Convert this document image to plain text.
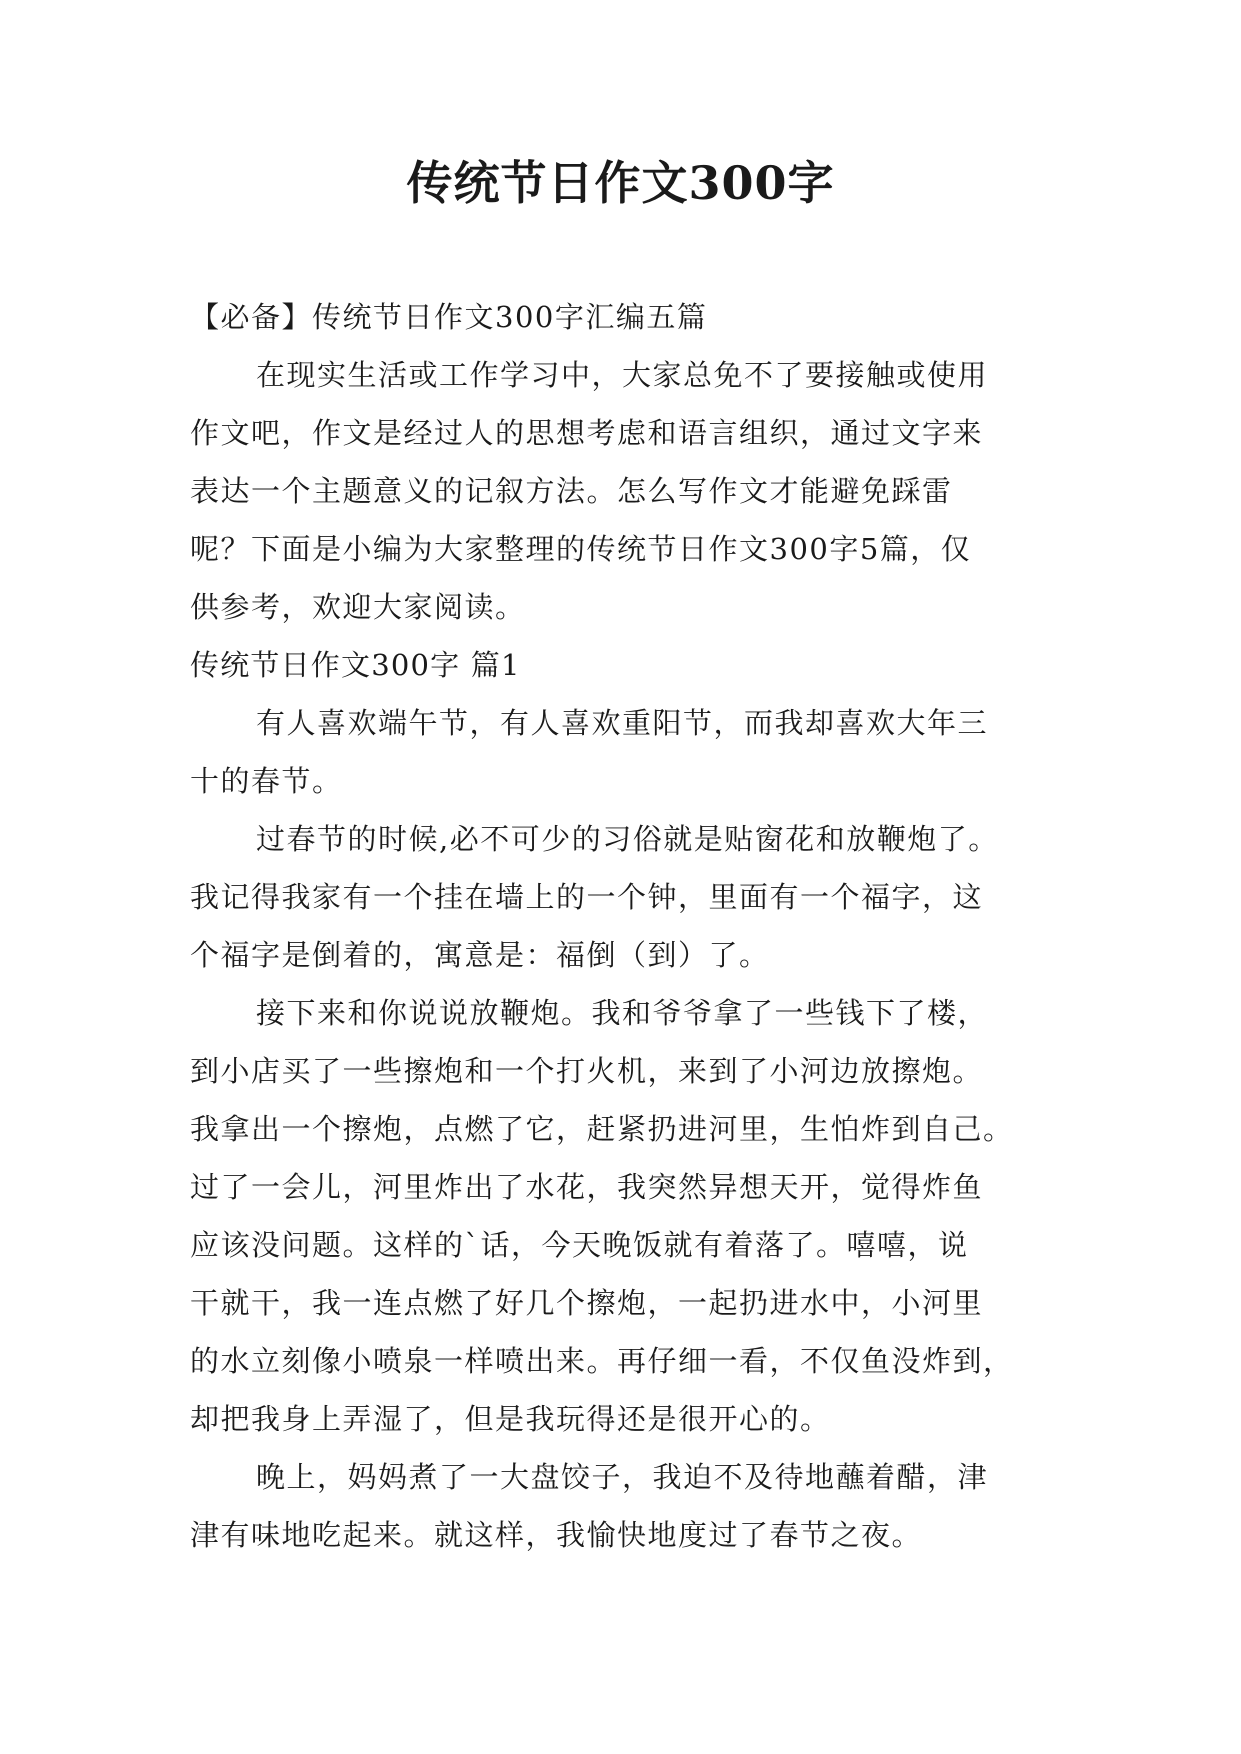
传统节日作文300字
【必备】传统节日作文300字汇编五篇
在现实生活或工作学习中，大家总免不了要接触或使用
作文吧，作文是经过人的思想考虑和语言组织，通过文字来
表达一个主题意义的记叙方法。怎么写作文才能避免踩雷
呢？下面是小编为大家整理的传统节日作文300字5篇，仅
供参考，欢迎大家阅读。
传统节日作文300字 篇1
有人喜欢端午节，有人喜欢重阳节，而我却喜欢大年三
十的春节。
过春节的时候,必不可少的习俗就是贴窗花和放鞭炮了。
我记得我家有一个挂在墙上的一个钟，里面有一个福字，这
个福字是倒着的，寓意是：福倒（到）了。
接下来和你说说放鞭炮。我和爷爷拿了一些钱下了楼，
到小店买了一些擦炮和一个打火机，来到了小河边放擦炮。
我拿出一个擦炮，点燃了它，赶紧扔进河里，生怕炸到自己。
过了一会儿，河里炸出了水花，我突然异想天开，觉得炸鱼
应该没问题。这样的`话，今天晚饭就有着落了。嘻嘻，说
干就干，我一连点燃了好几个擦炮，一起扔进水中，小河里
的水立刻像小喷泉一样喷出来。再仔细一看，不仅鱼没炸到，
却把我身上弄湿了，但是我玩得还是很开心的。
晚上，妈妈煮了一大盘饺子，我迫不及待地蘸着醋，津
津有味地吃起来。就这样，我愉快地度过了春节之夜。
